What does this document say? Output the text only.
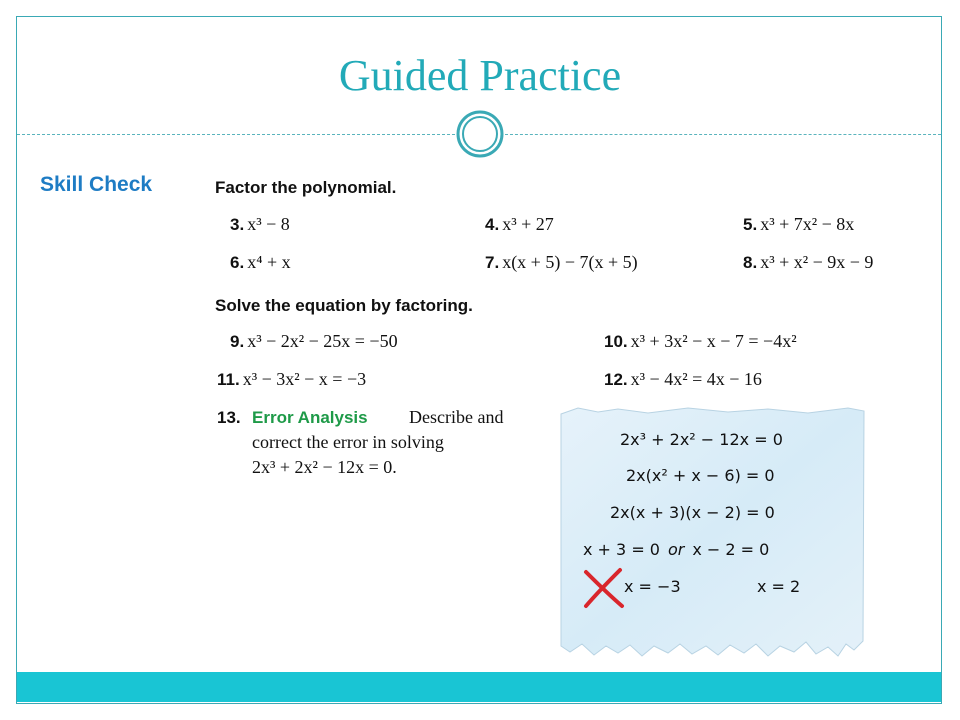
Guided Practice
Skill Check	Factor the polynomial.
3. x³ − 8	4. x³ + 27	5. x³ + 7x² − 8x
6. x⁴ + x	7. x(x + 5) − 7(x + 5)	8. x³ + x² − 9x − 9
Solve the equation by factoring.
9. x³ − 2x² − 25x = −50	10. x³ + 3x² − x − 7 = −4x²
11. x³ − 3x² − x = −3	12. x³ − 4x² = 4x − 16
13. Error Analysis Describe and
correct the error in solving
2x³ + 2x² − 12x = 0.
2x³ + 2x² − 12x = 0
2x(x² + x − 6) = 0
2x(x + 3)(x − 2) = 0
x + 3 = 0 or x − 2 = 0
x = −3	x = 2
